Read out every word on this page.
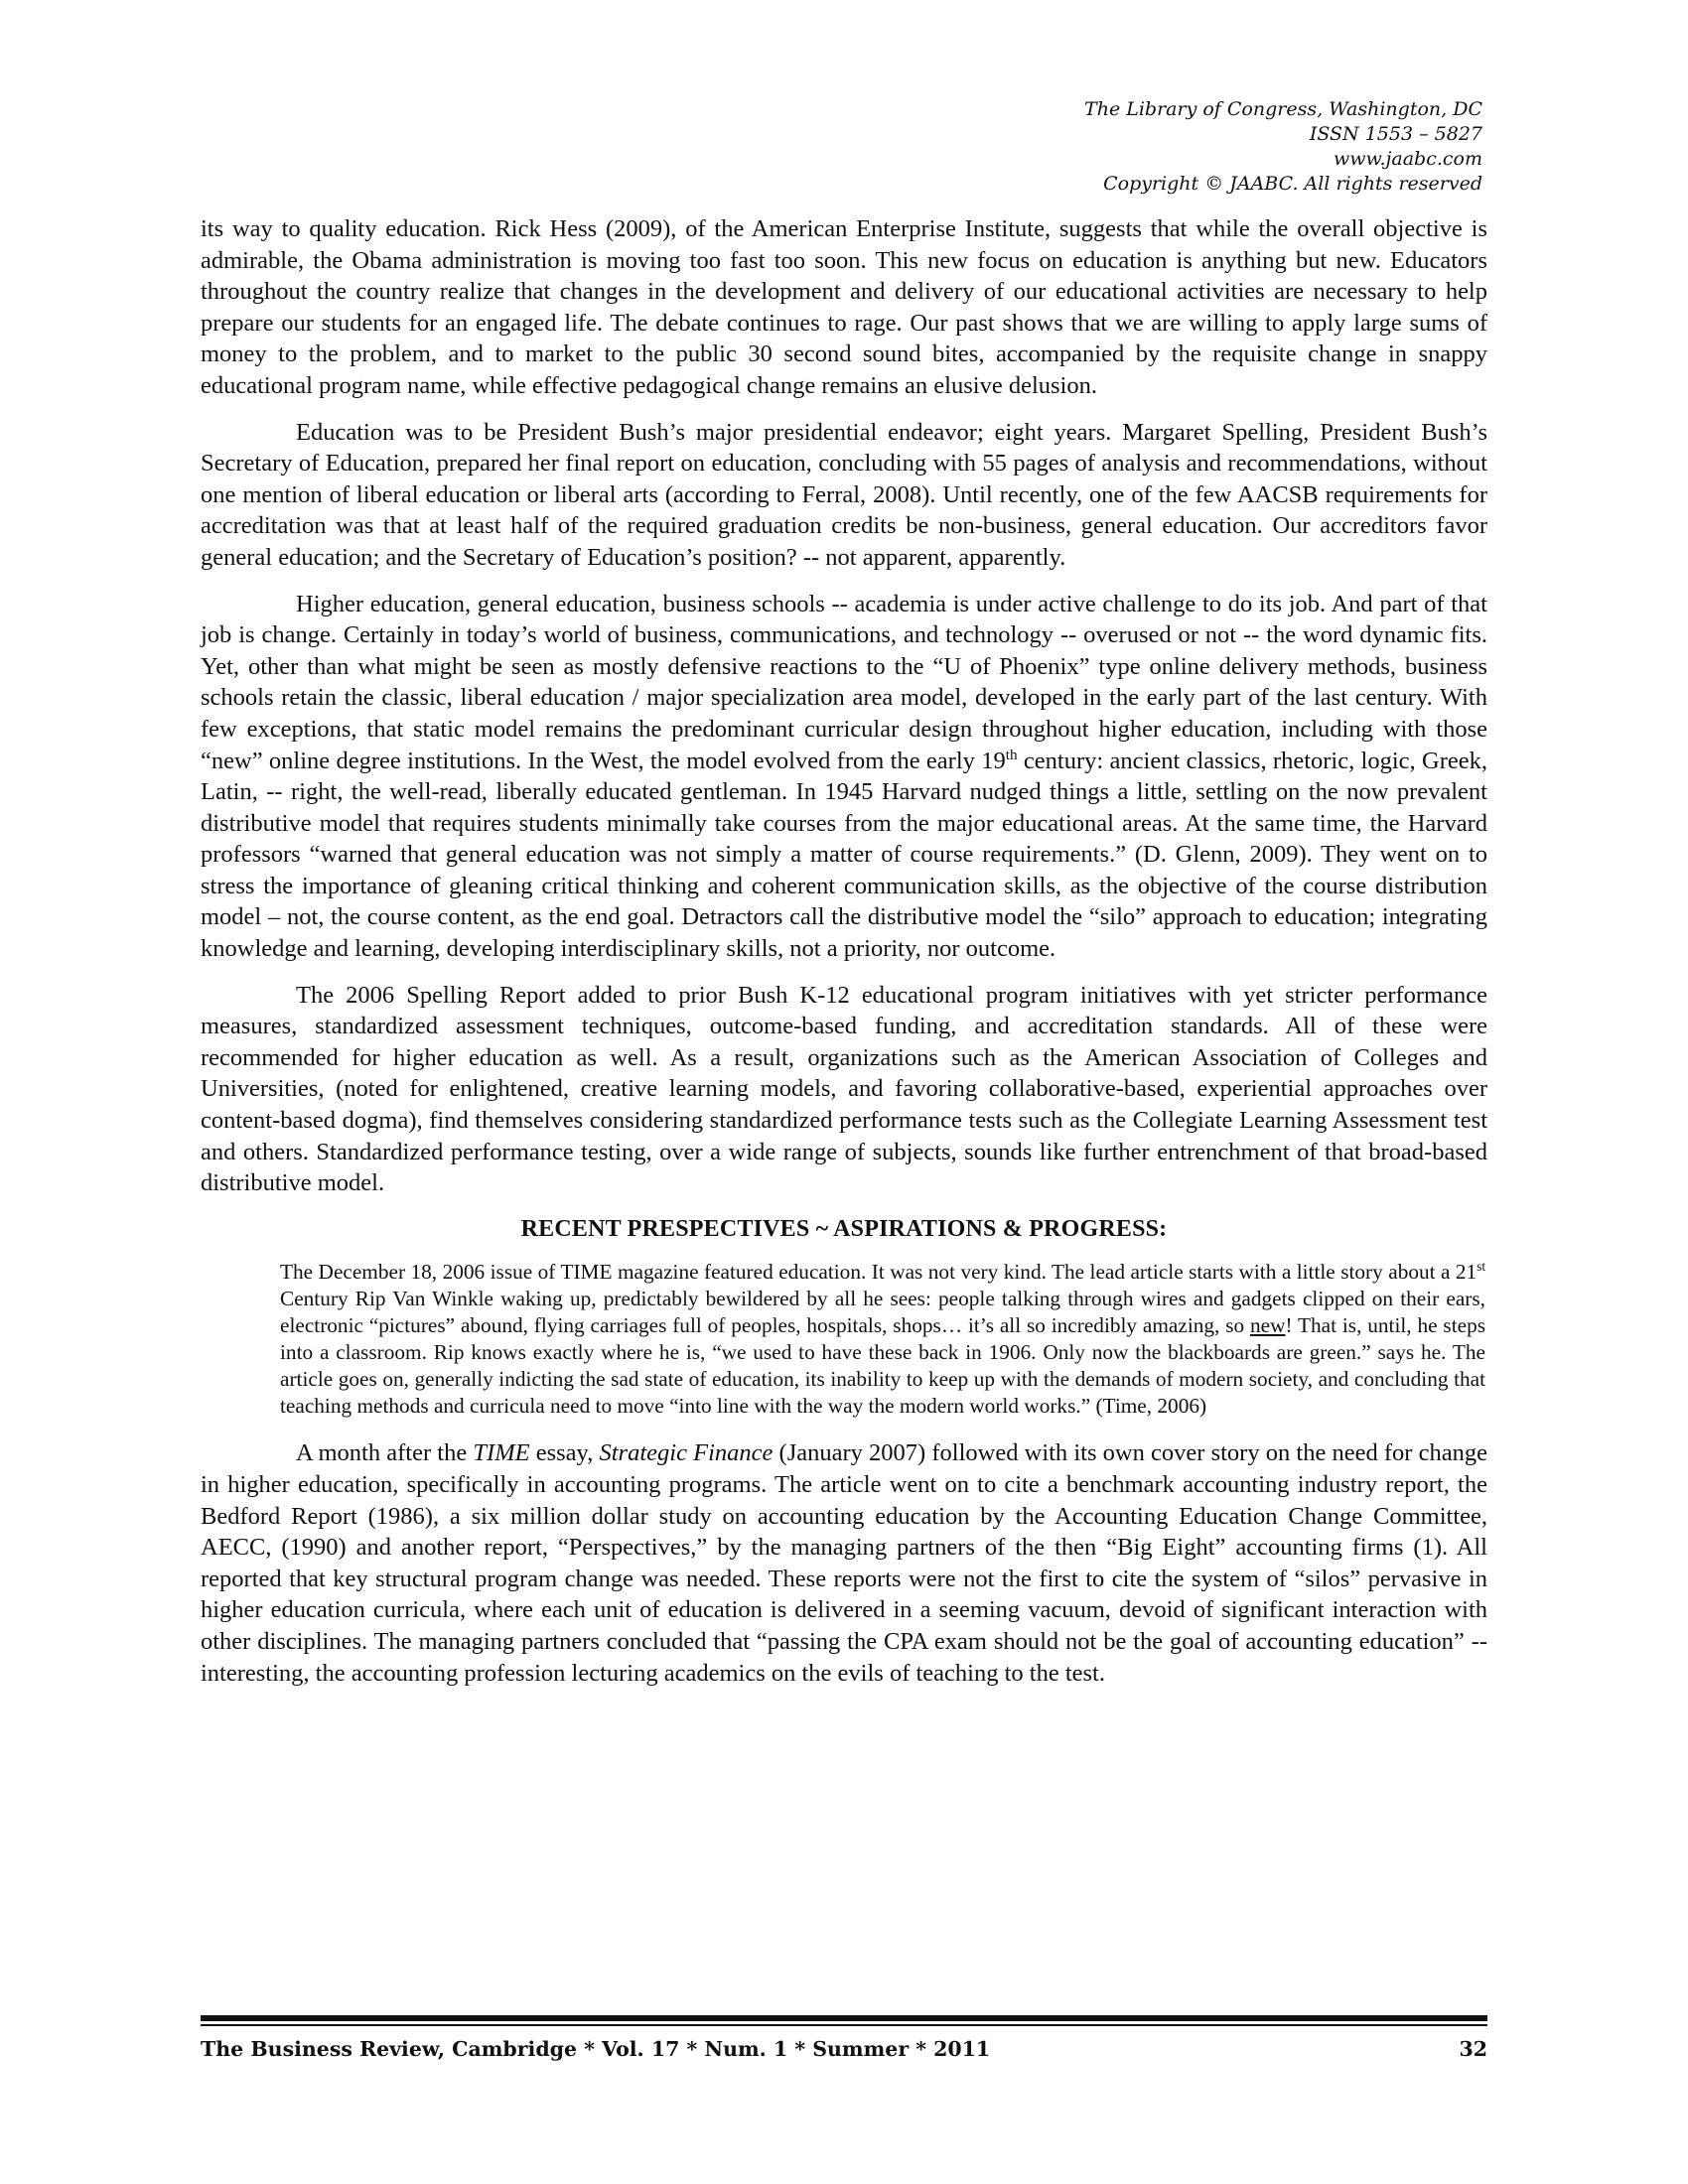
The Library of Congress, Washington, DC
ISSN 1553 – 5827
www.jaabc.com
Copyright © JAABC. All rights reserved

its way to quality education. Rick Hess (2009), of the American Enterprise Institute, suggests that while the overall objective is admirable, the Obama administration is moving too fast too soon. This new focus on education is anything but new. Educators throughout the country realize that changes in the development and delivery of our educational activities are necessary to help prepare our students for an engaged life. The debate continues to rage. Our past shows that we are willing to apply large sums of money to the problem, and to market to the public 30 second sound bites, accompanied by the requisite change in snappy educational program name, while effective pedagogical change remains an elusive delusion.

Education was to be President Bush’s major presidential endeavor; eight years. Margaret Spelling, President Bush’s Secretary of Education, prepared her final report on education, concluding with 55 pages of analysis and recommendations, without one mention of liberal education or liberal arts (according to Ferral, 2008). Until recently, one of the few AACSB requirements for accreditation was that at least half of the required graduation credits be non-business, general education. Our accreditors favor general education; and the Secretary of Education’s position? -- not apparent, apparently.

Higher education, general education, business schools -- academia is under active challenge to do its job. And part of that job is change. Certainly in today’s world of business, communications, and technology -- overused or not -- the word dynamic fits. Yet, other than what might be seen as mostly defensive reactions to the “U of Phoenix” type online delivery methods, business schools retain the classic, liberal education / major specialization area model, developed in the early part of the last century. With few exceptions, that static model remains the predominant curricular design throughout higher education, including with those “new” online degree institutions. In the West, the model evolved from the early 19th century: ancient classics, rhetoric, logic, Greek, Latin, -- right, the well-read, liberally educated gentleman. In 1945 Harvard nudged things a little, settling on the now prevalent distributive model that requires students minimally take courses from the major educational areas. At the same time, the Harvard professors “warned that general education was not simply a matter of course requirements.” (D. Glenn, 2009). They went on to stress the importance of gleaning critical thinking and coherent communication skills, as the objective of the course distribution model – not, the course content, as the end goal. Detractors call the distributive model the “silo” approach to education; integrating knowledge and learning, developing interdisciplinary skills, not a priority, nor outcome.

The 2006 Spelling Report added to prior Bush K-12 educational program initiatives with yet stricter performance measures, standardized assessment techniques, outcome-based funding, and accreditation standards. All of these were recommended for higher education as well. As a result, organizations such as the American Association of Colleges and Universities, (noted for enlightened, creative learning models, and favoring collaborative-based, experiential approaches over content-based dogma), find themselves considering standardized performance tests such as the Collegiate Learning Assessment test and others. Standardized performance testing, over a wide range of subjects, sounds like further entrenchment of that broad-based distributive model.

RECENT PRESPECTIVES ~ ASPIRATIONS & PROGRESS:
The December 18, 2006 issue of TIME magazine featured education. It was not very kind. The lead article starts with a little story about a 21st Century Rip Van Winkle waking up, predictably bewildered by all he sees: people talking through wires and gadgets clipped on their ears, electronic “pictures” abound, flying carriages full of peoples, hospitals, shops… it’s all so incredibly amazing, so new! That is, until, he steps into a classroom. Rip knows exactly where he is, “we used to have these back in 1906. Only now the blackboards are green.” says he. The article goes on, generally indicting the sad state of education, its inability to keep up with the demands of modern society, and concluding that teaching methods and curricula need to move “into line with the way the modern world works.” (Time, 2006)

A month after the TIME essay, Strategic Finance (January 2007) followed with its own cover story on the need for change in higher education, specifically in accounting programs. The article went on to cite a benchmark accounting industry report, the Bedford Report (1986), a six million dollar study on accounting education by the Accounting Education Change Committee, AECC, (1990) and another report, “Perspectives,” by the managing partners of the then “Big Eight” accounting firms (1). All reported that key structural program change was needed. These reports were not the first to cite the system of “silos” pervasive in higher education curricula, where each unit of education is delivered in a seeming vacuum, devoid of significant interaction with other disciplines. The managing partners concluded that “passing the CPA exam should not be the goal of accounting education” -- interesting, the accounting profession lecturing academics on the evils of teaching to the test.

The Business Review, Cambridge * Vol. 17 * Num. 1 * Summer * 2011	32
